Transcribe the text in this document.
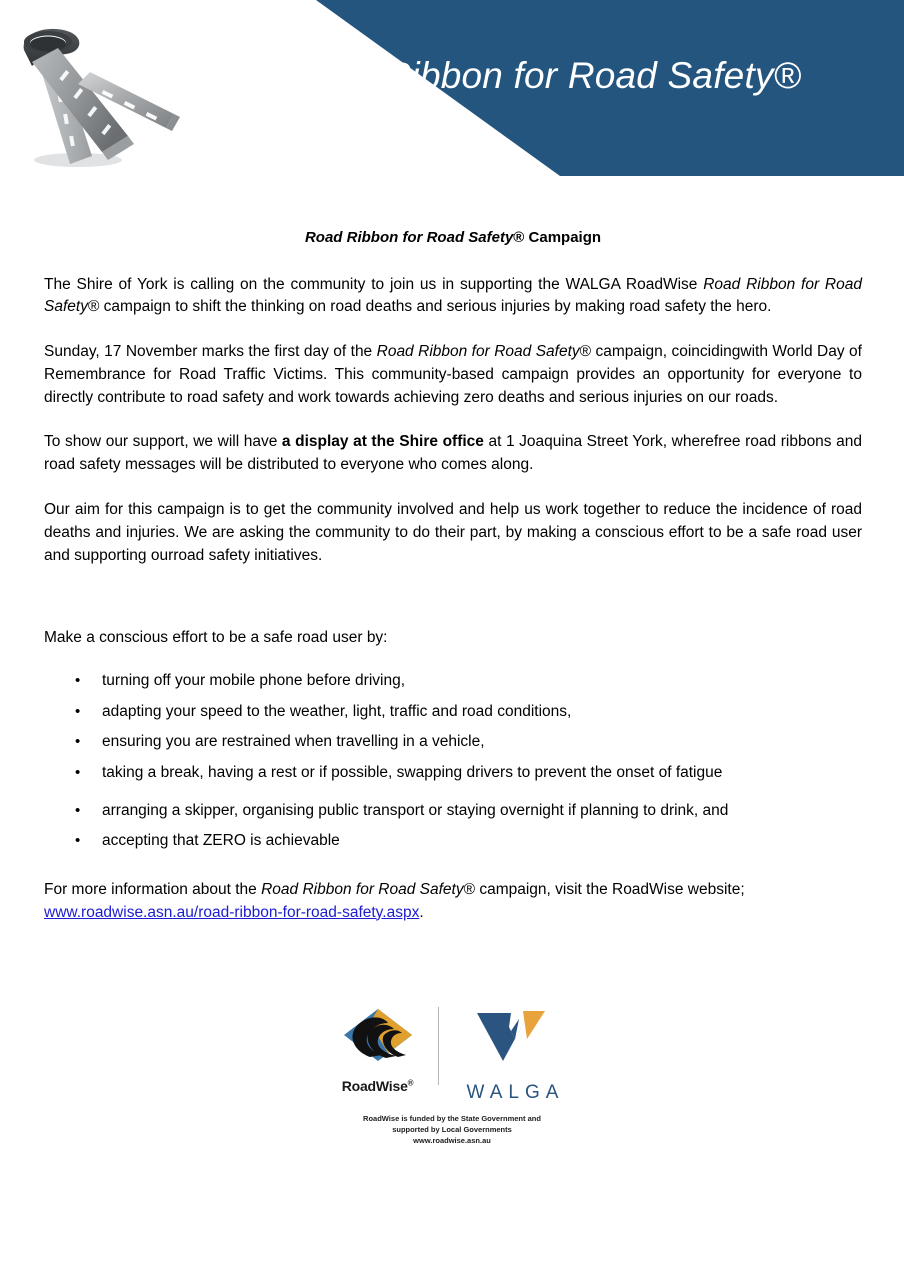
Road Ribbon for Road Safety®
Road Ribbon for Road Safety® Campaign

The Shire of York is calling on the community to join us in supporting the WALGA RoadWise Road Ribbon for Road Safety® campaign to shift the thinking on road deaths and serious injuries by making road safety the hero.

Sunday, 17 November marks the first day of the Road Ribbon for Road Safety® campaign, coincidingwith World Day of Remembrance for Road Traffic Victims. This community-based campaign provides an opportunity for everyone to directly contribute to road safety and work towards achieving zero deaths and serious injuries on our roads.

To show our support, we will have a display at the Shire office at 1 Joaquina Street York, wherefree road ribbons and road safety messages will be distributed to everyone who comes along.

Our aim for this campaign is to get the community involved and help us work together to reduce the incidence of road deaths and injuries. We are asking the community to do their part, by making a conscious effort to be a safe road user and supporting ourroad safety initiatives.

Make a conscious effort to be a safe road user by:

• turning off your mobile phone before driving,
• adapting your speed to the weather, light, traffic and road conditions,
• ensuring you are restrained when travelling in a vehicle,
• taking a break, having a rest or if possible, swapping drivers to prevent the onset of fatigue
• arranging a skipper, organising public transport or staying overnight if planning to drink, and
• accepting that ZERO is achievable

For more information about the Road Ribbon for Road Safety® campaign, visit the RoadWise website; www.roadwise.asn.au/road-ribbon-for-road-safety.aspx.

RoadWise®	WALGA
RoadWise is funded by the State Government and
supported by Local Governments
www.roadwise.asn.au
